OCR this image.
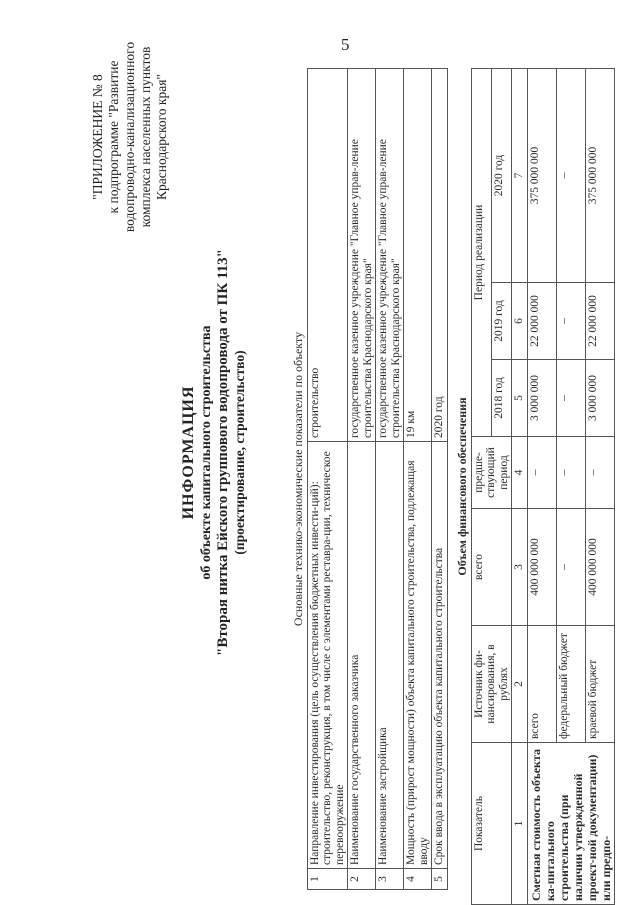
5
"ПРИЛОЖЕНИЕ № 8 к подпрограмме "Развитие водопроводно-канализационного комплекса населенных пунктов Краснодарского края"
ИНФОРМАЦИЯ об объекте капитального строительства "Вторая нитка Ейского группового водопровода от ПК 113" (проектирование, строительство)	Основные технико-экономические показатели по объекту		
1	Направление инвестирования (цель осуществления бюджетных инвести-ций): строительство, реконструкция, в том числе с элементами реставра-ции, техническое перевооружение	строительство
2	Наименование государственного заказчика	государственное казенное учреждение "Главное управ-ление строительства Краснодарского края"
3	Наименование застройщика	государственное казенное учреждение "Главное управ-ление строительства Краснодарского края"
4	Мощность (прирост мощности) объекта капитального строительства, подлежащая вводу	19 км
5	Срок ввода в эксплуатацию объекта капитального строительства	2020 год Объем финансового обеспечения						
Показатель	Источник фи-нансирования, в рублях	всего	предше-ствующий период	Период реализации		
				2018 год	2019 год	2020 год
1	2	3	4	5	6	7
Сметная стоимость объекта ка-питального строительства (при наличии утвержденной проект-ной документации) или предпо-	всего	400 000 000	–	3 000 000	22 000 000	375 000 000
	федеральный бюджет	–	–	–	–	–
	краевой бюджет	400 000 000	–	3 000 000	22 000 000	375 000 000
